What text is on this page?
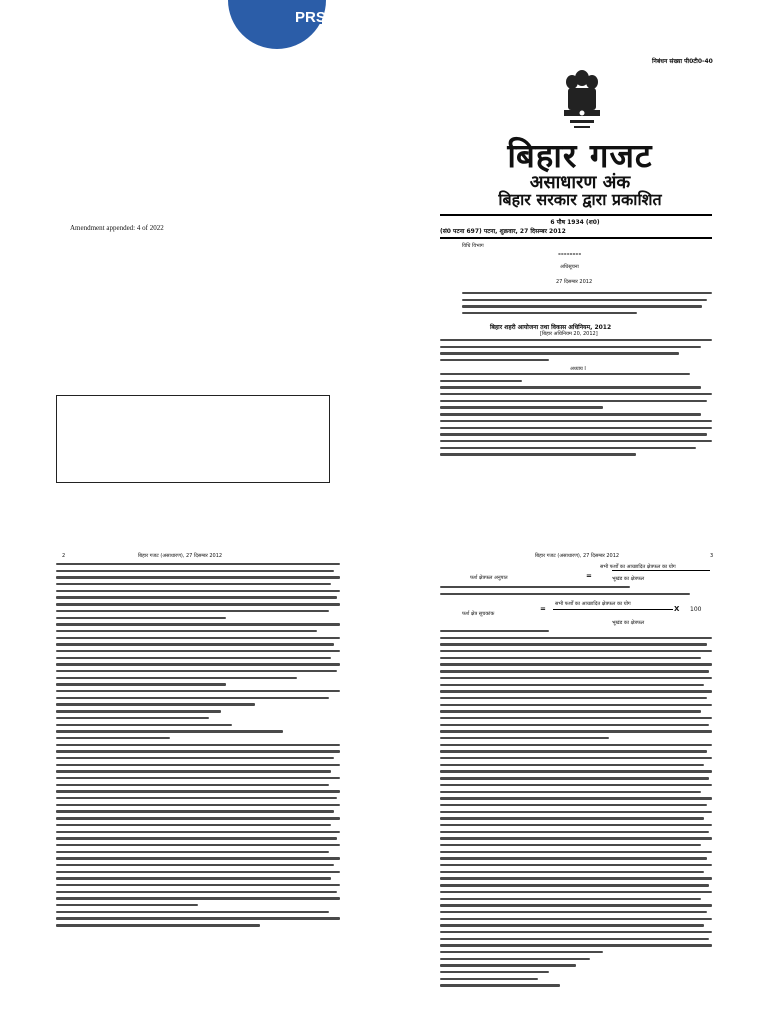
PRS
निबंधन संख्या पी0टी0-40
बिहार गजट
असाधारण अंक
बिहार सरकार द्वारा प्रकाशित
6 पौष 1934 (श0)
(सं0 पटना 697) पटना, शुक्रवार, 27 दिसम्बर 2012
विधि विभाग
--------
अधिसूचना
27 दिसम्बर 2012
Amendment appended: 4 of 2022
बिहार शहरी आयोजना तथा विकास अधिनियम, 2012
[बिहार अधिनियम 20, 2012]
अध्याय I
2	बिहार गजट (असाधारण), 27 दिसम्बर 2012	बिहार गजट (असाधारण), 27 दिसम्बर 2012	3
सभी फर्शों का आच्छादित क्षेत्रफल का योग
फर्श क्षेत्रफल अनुपात	=	भूखंड का क्षेत्रफल
सभी फर्शों का आच्छादित क्षेत्रफल का योग
फर्श क्षेत्र सूचकांक
=
भूखंड का क्षेत्रफल
X 100
